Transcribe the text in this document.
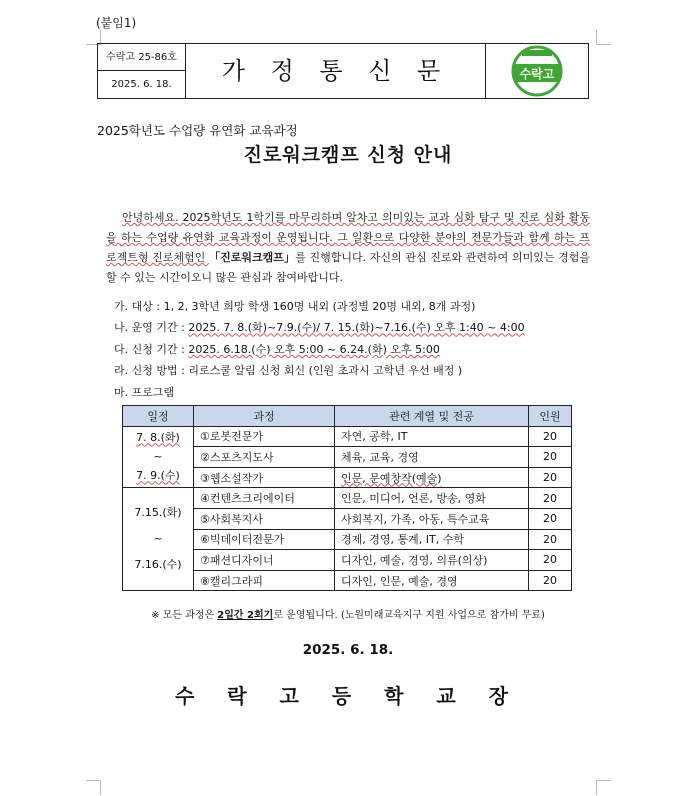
(붙임1)
수락고 25-86호
2025. 6. 18.	가 정 통 신 문	수락고
2025학년도 수업량 유연화 교육과정
진로워크캠프 신청 안내
안녕하세요. 2025학년도 1학기를 마무리하며 알차고 의미있는 교과 심화 탐구 및 진로 심화 활동을 하는 수업량 유연화 교육과정이 운영됩니다. 그 일환으로 다양한 분야의 전문가들과 함께 하는 프로젝트형 진로체험인 「진로워크캠프」를 진행합니다. 자신의 관심 진로와 관련하여 의미있는 경험을 할 수 있는 시간이오니 많은 관심과 참여바랍니다.
가. 대상 : 1, 2, 3학년 희망 학생 160명 내외 (과정별 20명 내외, 8개 과정)
나. 운영 기간 : 2025. 7. 8.(화)~7.9.(수)/ 7. 15.(화)~7.16.(수) 오후 1:40 ~ 4:00
다. 신청 기간 : 2025. 6.18.(수) 오후 5:00 ~ 6.24.(화) 오후 5:00
라. 신청 방법 : 리로스쿨 알림 신청 회신 (인원 초과시 고학년 우선 배정 )
마. 프로그램
일정	과정	관련 계열 및 전공	인원

7. 8.(화)
~
7. 9.(수)	①로봇전문가	자연, 공학, IT	20
	②스포츠지도사	체육, 교육, 경영	20
	③웹소설작가	인문, 문예창작(예술)	20

7.15.(화)
~
7.16.(수)	④컨텐츠크리에이터	인문, 미디어, 언론, 방송, 영화	20
	⑤사회복지사	사회복지, 가족, 아동, 특수교육	20
	⑥빅데이터전문가	경제, 경영, 통계, IT, 수학	20
	⑦패션디자이너	디자인, 예술, 경영, 의류(의상)	20
	⑧캘리그라피	디자인, 인문, 예술, 경영	20
※ 모든 과정은 2일간 2회기로 운영됩니다. (노원미래교육지구 지원 사업으로 참가비 무료)
2025. 6. 18.
수 락 고 등 학 교 장
